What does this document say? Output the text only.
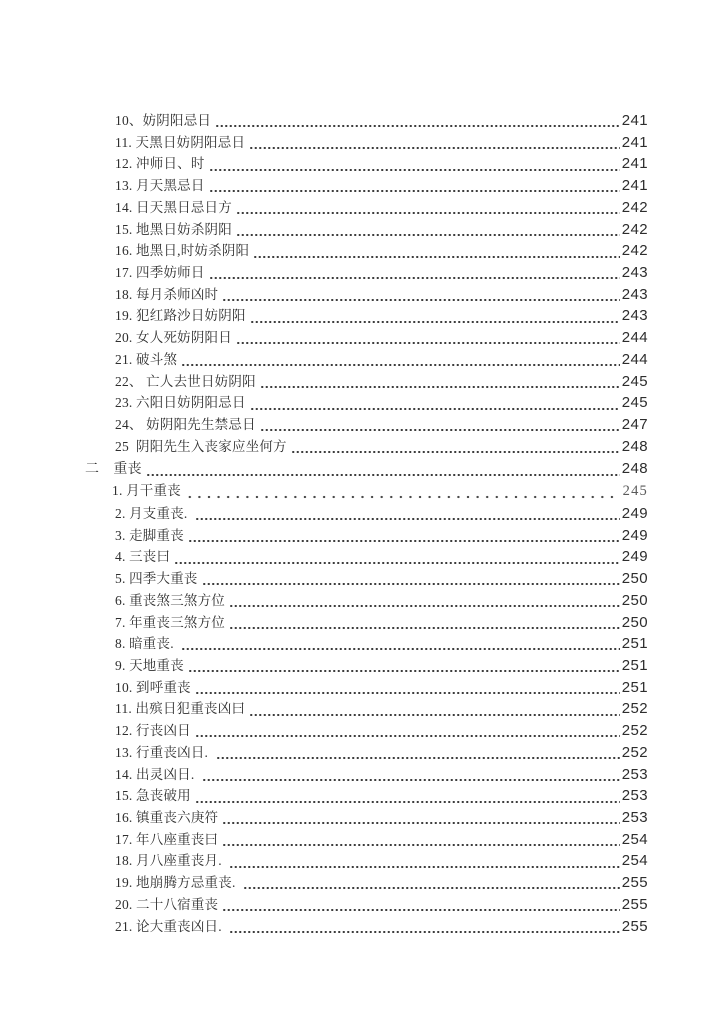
10、妨阴阳忌日	241
11. 天黑日妨阴阳忌日	241
12. 冲师日、时	241
13. 月天黑忌日	241
14. 日天黑日忌日方	242
15. 地黑日妨杀阴阳	242
16. 地黑日,时妨杀阴阳	242
17. 四季妨师日	243
18. 每月杀师凶时	243
19. 犯红路沙日妨阴阳	243
20. 女人死妨阴阳日	244
21. 破斗煞	244
22、 亡人去世日妨阴阳	245
23. 六阳日妨阴阳忌日	245
24、 妨阴阳先生禁忌日	247
25  阴阳先生入丧家应坐何方	248
二　重丧	248
1. 月干重丧	245
2. 月支重丧.	249
3. 走脚重丧	249
4. 三丧曰	249
5. 四季大重丧	250
6. 重丧煞三煞方位	250
7. 年重丧三煞方位	250
8. 暗重丧.	251
9. 天地重丧	251
10. 到呼重丧	251
11. 出殡日犯重丧凶曰	252
12. 行丧凶日	252
13. 行重丧凶日.	252
14. 出灵凶日.	253
15. 急丧破用	253
16. 镇重丧六庚符	253
17. 年八座重丧曰	254
18. 月八座重丧月.	254
19. 地崩腾方忌重丧.	255
20. 二十八宿重丧	255
21. 论大重丧凶日.	255
